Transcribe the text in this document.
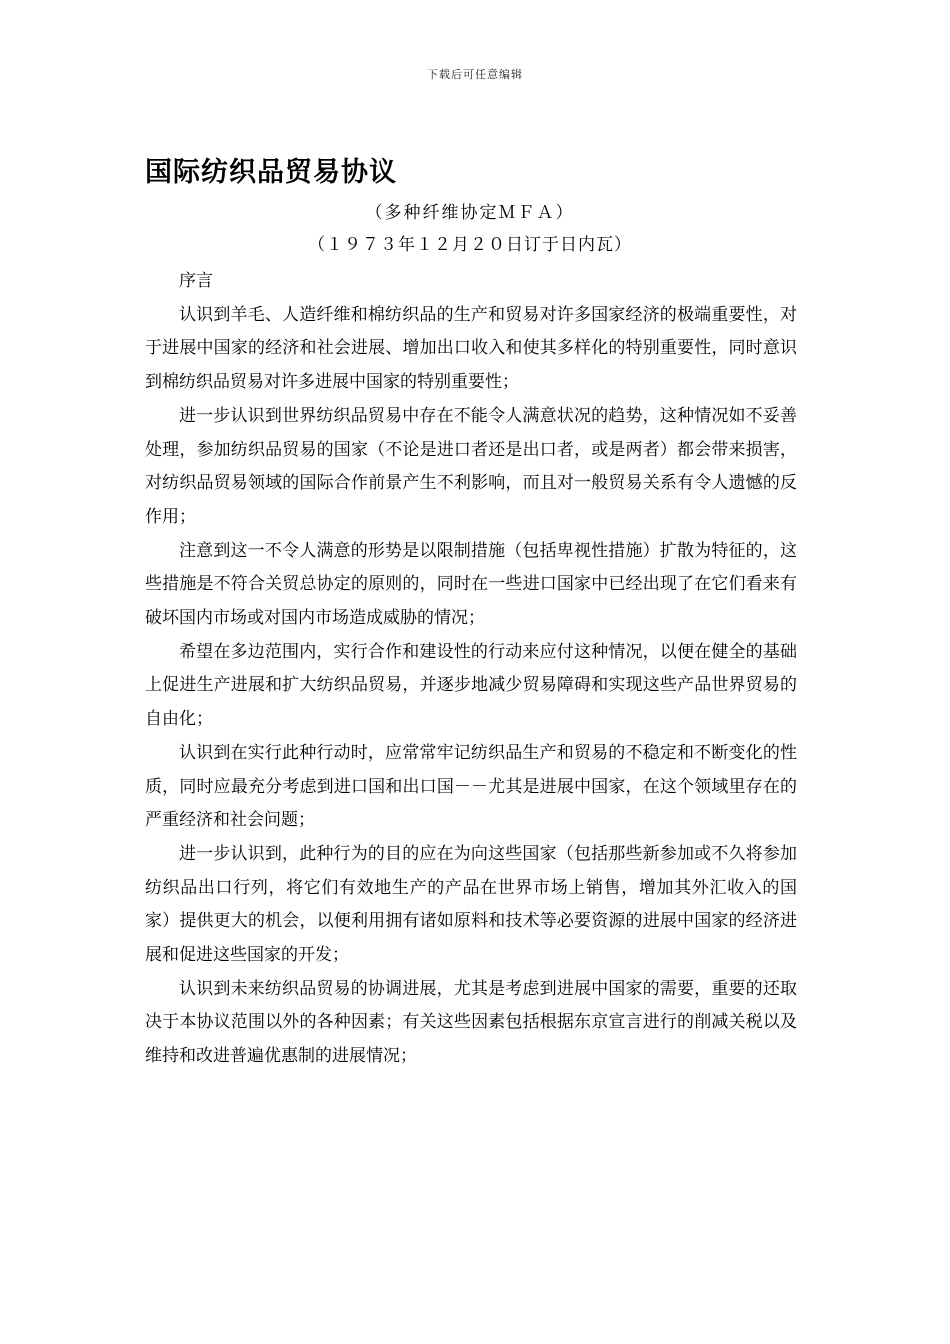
下载后可任意编辑
国际纺织品贸易协议
（多种纤维协定ＭＦＡ）
（１９７３年１２月２０日订于日内瓦）

序言

认识到羊毛、人造纤维和棉纺织品的生产和贸易对许多国家经济的极端重要性，对于进展中国家的经济和社会进展、增加出口收入和使其多样化的特别重要性，同时意识到棉纺织品贸易对许多进展中国家的特别重要性；

进一步认识到世界纺织品贸易中存在不能令人满意状况的趋势，这种情况如不妥善处理，参加纺织品贸易的国家（不论是进口者还是出口者，或是两者）都会带来损害，对纺织品贸易领域的国际合作前景产生不利影响，而且对一般贸易关系有令人遗憾的反作用；

注意到这一不令人满意的形势是以限制措施（包括卑视性措施）扩散为特征的，这些措施是不符合关贸总协定的原则的，同时在一些进口国家中已经出现了在它们看来有破坏国内市场或对国内市场造成威胁的情况；

希望在多边范围内，实行合作和建设性的行动来应付这种情况，以便在健全的基础上促进生产进展和扩大纺织品贸易，并逐步地减少贸易障碍和实现这些产品世界贸易的自由化；

认识到在实行此种行动时，应常常牢记纺织品生产和贸易的不稳定和不断变化的性质，同时应最充分考虑到进口国和出口国－－尤其是进展中国家，在这个领域里存在的严重经济和社会问题；

进一步认识到，此种行为的目的应在为向这些国家（包括那些新参加或不久将参加纺织品出口行列，将它们有效地生产的产品在世界市场上销售，增加其外汇收入的国家）提供更大的机会，以便利用拥有诸如原料和技术等必要资源的进展中国家的经济进展和促进这些国家的开发；

认识到未来纺织品贸易的协调进展，尤其是考虑到进展中国家的需要，重要的还取决于本协议范围以外的各种因素；有关这些因素包括根据东京宣言进行的削减关税以及维持和改进普遍优惠制的进展情况；
